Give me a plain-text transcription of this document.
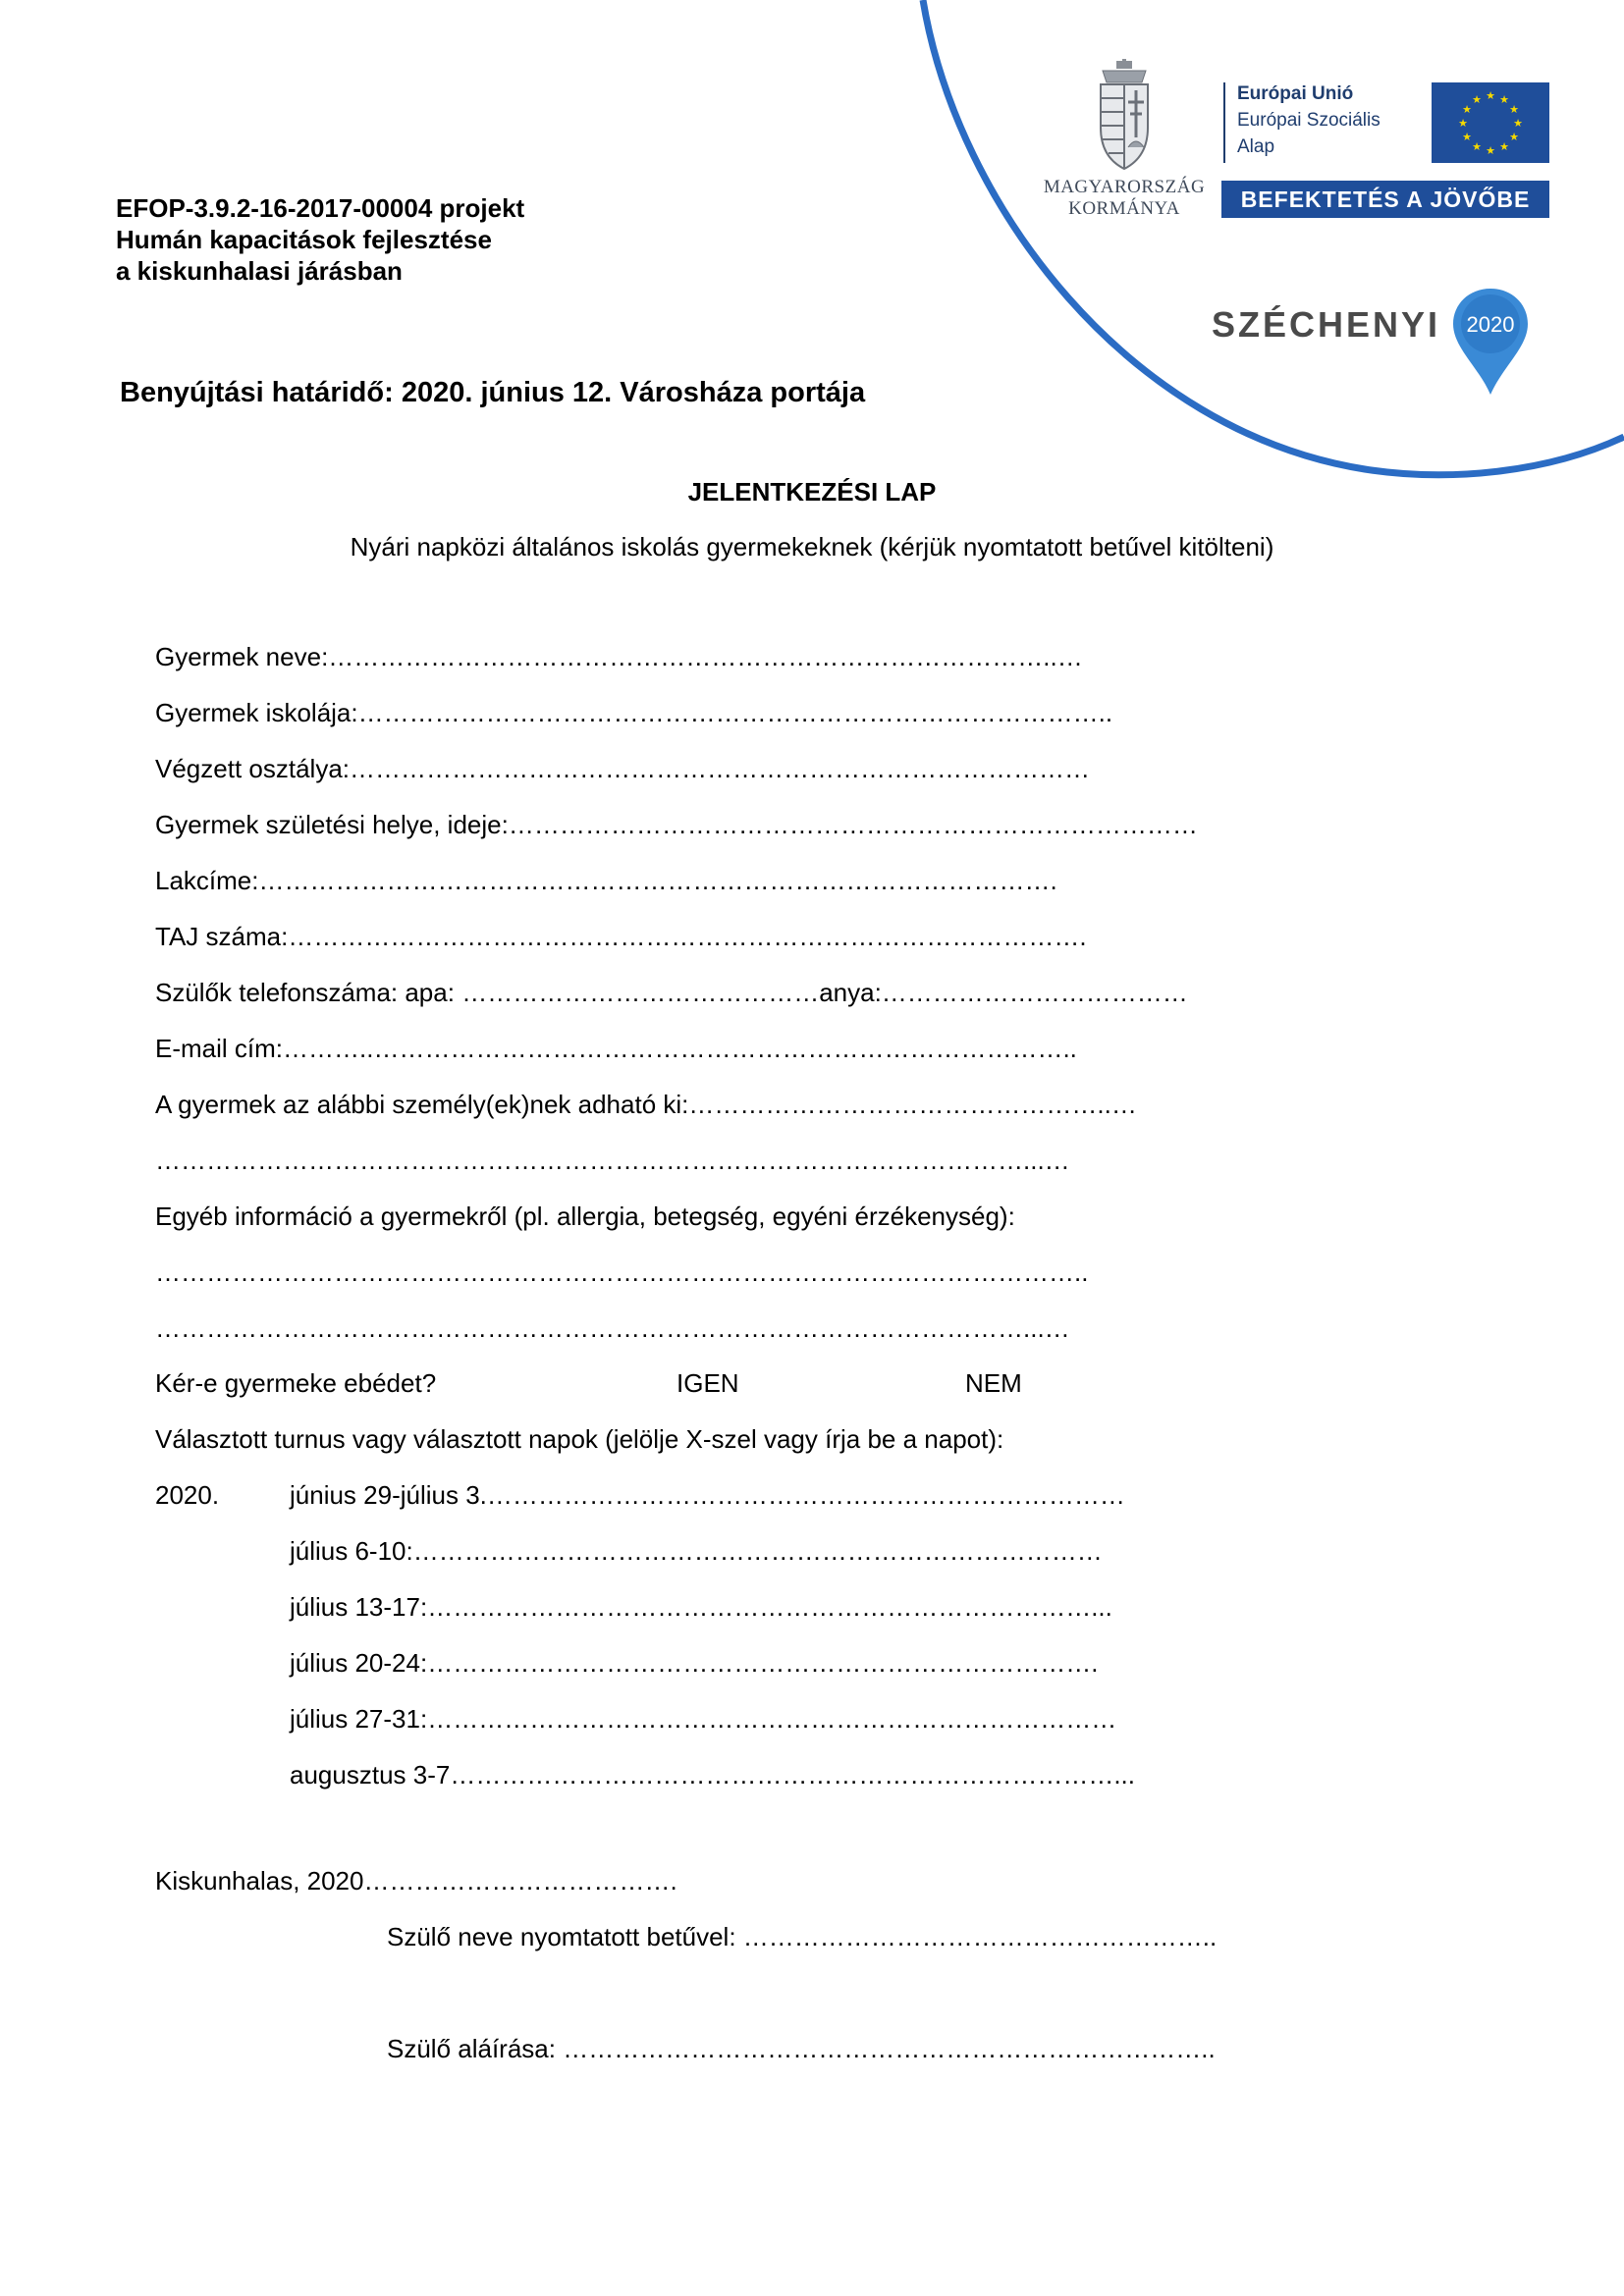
MAGYARORSZÁG
KORMÁNYA
Európai Unió
Európai Szociális
Alap
★ ★
★
★
★
★
★
★
★
★
★
★
BEFEKTETÉS A JÖVŐBE
SZÉCHENYI	2020
EFOP-3.9.2-16-2017-00004 projekt
Humán kapacitások fejlesztése
a kiskunhalasi járásban
Benyújtási határidő: 2020. június 12. Városháza portája
JELENTKEZÉSI LAP
Nyári napközi általános iskolás gyermekeknek (kérjük nyomtatott betűvel kitölteni)
Gyermek neve:…………………………………………………………………………..…
Gyermek iskolája:……………………………………………………………………………..
Végzett osztálya:……………………………………………………………………………
Gyermek születési helye, ideje:………………………………………………………………………
Lakcíme:………………………………………………………………………………….
TAJ száma:………………………………………………………………………………….
Szülők telefonszáma: apa: ……………………………………anya:………………………………
E-mail cím:………..………………………………………………………………………..
A gyermek az alábbi személy(ek)nek adható ki:…………………………………………..…
…………………………………………………………………………………………...…
Egyéb információ a gyermekről (pl. allergia, betegség, egyéni érzékenység):
………………………………………………………………………………………………..
…………………………………………………………………………………………...…
Kér-e gyermeke ebédet?	IGEN	NEM
Választott turnus vagy választott napok (jelölje X-szel vagy írja be a napot):
2020.	június 29-július 3.…………………………………………………………………
július 6-10:………………………………………………………………………
július 13-17:……………………………………………………………………...
július 20-24:…………………………………………………………………….
július 27-31:………………………………………………………………………
augusztus 3-7……………………………………………………………………...
Kiskunhalas, 2020……………………………….
Szülő neve nyomtatott betűvel: ………………………………………………..
Szülő aláírása: …………………………………………………………………..
